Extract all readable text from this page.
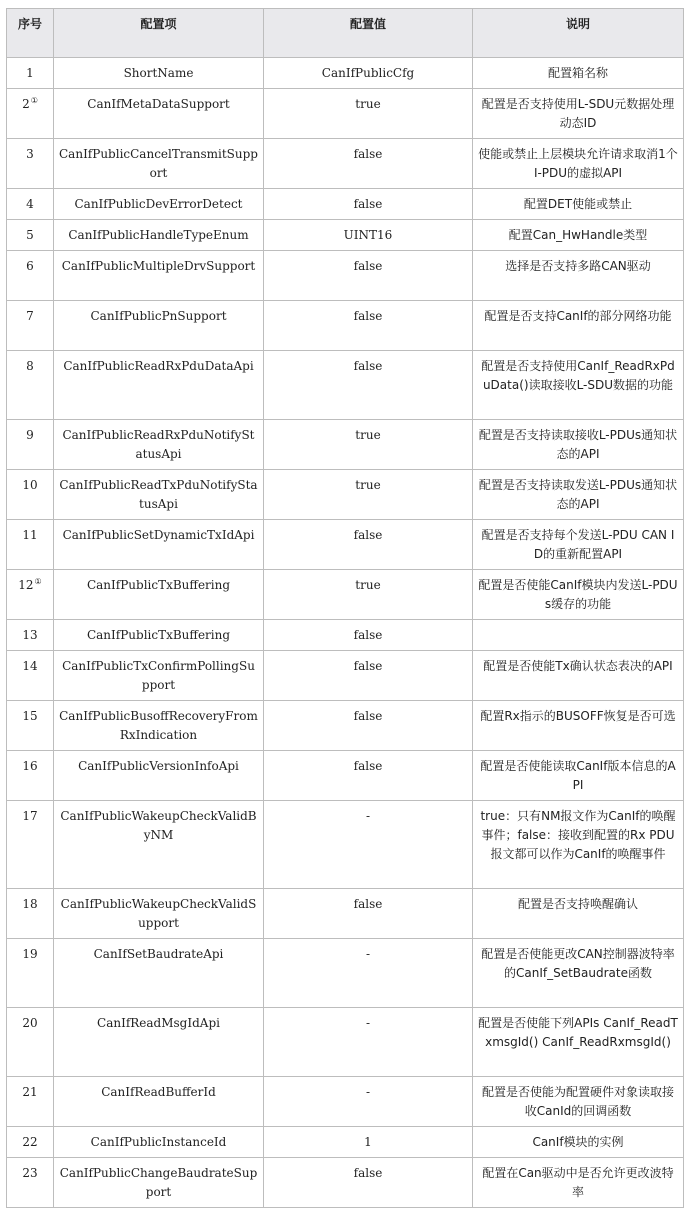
序号	配置项	配置值	说明
1	ShortName	CanIfPublicCfg	配置箱名称
2①	CanIfMetaDataSupport	true	配置是否支持使用L-SDU元数据处理动态ID
3	CanIfPublicCancelTransmitSupport	false	使能或禁止上层模块允许请求取消1个I-PDU的虚拟API
4	CanIfPublicDevErrorDetect	false	配置DET使能或禁止
5	CanIfPublicHandleTypeEnum	UINT16	配置Can_HwHandle类型
6	CanIfPublicMultipleDrvSupport	false	选择是否支持多路CAN驱动
7	CanIfPublicPnSupport	false	配置是否支持CanIf的部分网络功能
8	CanIfPublicReadRxPduDataApi	false	配置是否支持使用CanIf_ReadRxPduData()读取接收L-SDU数据的功能
9	CanIfPublicReadRxPduNotifyStatusApi	true	配置是否支持读取接收L-PDUs通知状态的API
10	CanIfPublicReadTxPduNotifyStatusApi	true	配置是否支持读取发送L-PDUs通知状态的API
11	CanIfPublicSetDynamicTxIdApi	false	配置是否支持每个发送L-PDU CAN ID的重新配置API
12①	CanIfPublicTxBuffering	true	配置是否使能CanIf模块内发送L-PDUs缓存的功能
13	CanIfPublicTxBuffering	false	
14	CanIfPublicTxConfirmPollingSupport	false	配置是否使能Tx确认状态表决的API
15	CanIfPublicBusoffRecoveryFromRxIndication	false	配置Rx指示的BUSOFF恢复是否可选
16	CanIfPublicVersionInfoApi	false	配置是否使能读取CanIf版本信息的API
17	CanIfPublicWakeupCheckValidByNM	-	true：只有NM报文作为CanIf的唤醒事件；false：接收到配置的Rx PDU报文都可以作为CanIf的唤醒事件
18	CanIfPublicWakeupCheckValidSupport	false	配置是否支持唤醒确认
19	CanIfSetBaudrateApi	-	配置是否使能更改CAN控制器波特率的CanIf_SetBaudrate函数
20	CanIfReadMsgIdApi	-	配置是否使能下列APIs CanIf_ReadTxmsgId() CanIf_ReadRxmsgId()
21	CanIfReadBufferId	-	配置是否使能为配置硬件对象读取接收CanId的回调函数
22	CanIfPublicInstanceId	1	CanIf模块的实例
23	CanIfPublicChangeBaudrateSupport	false	配置在Can驱动中是否允许更改波特率
